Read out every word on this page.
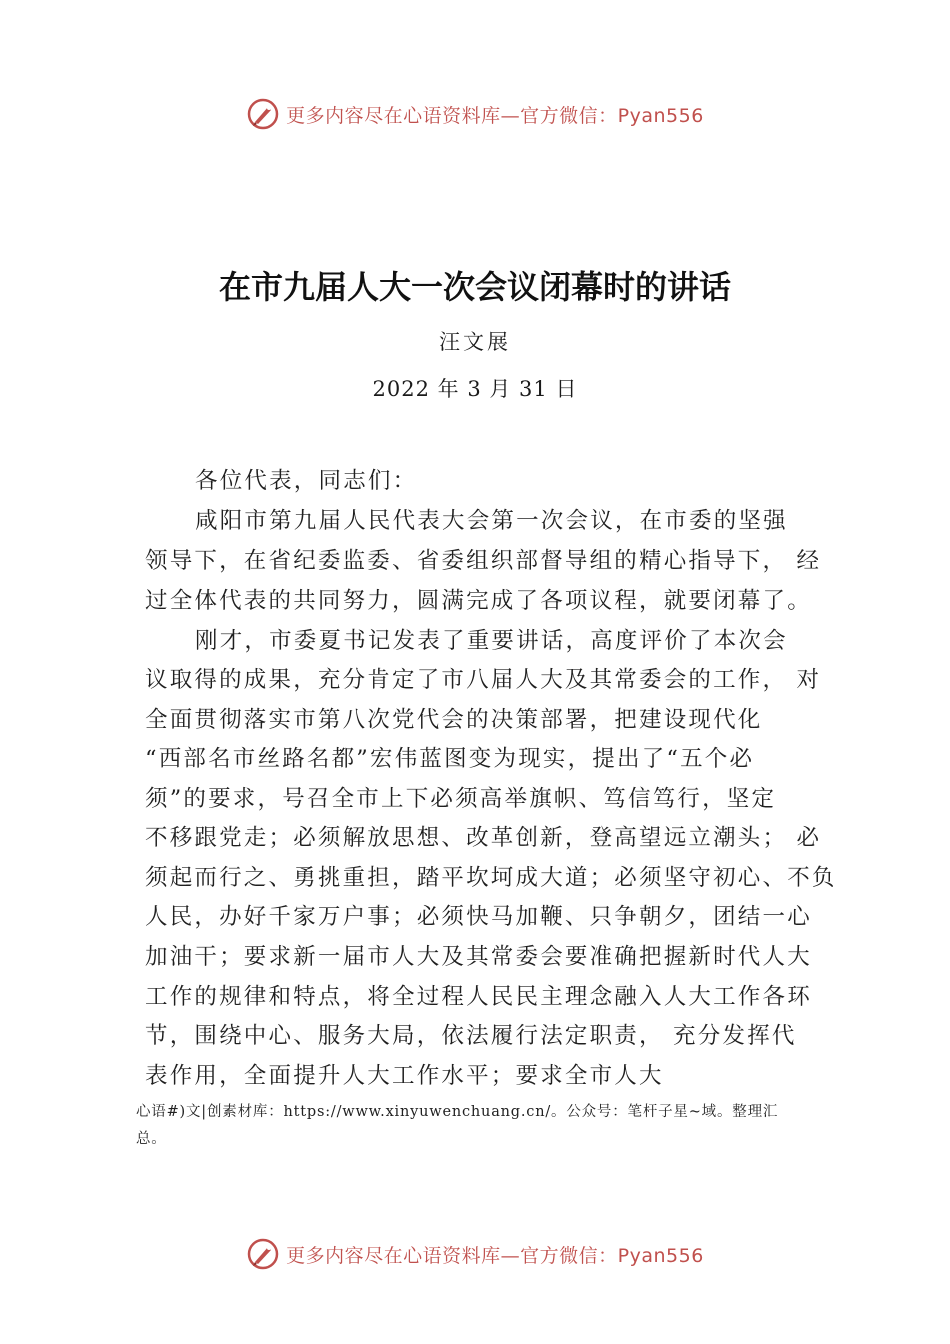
更多内容尽在心语资料库—官方微信：Pyan556
在市九届人大一次会议闭幕时的讲话
汪文展
2022 年 3 月 31 日
各位代表，同志们：
咸阳市第九届人民代表大会第一次会议，在市委的坚强
领导下，在省纪委监委、省委组织部督导组的精心指导下， 经
过全体代表的共同努力，圆满完成了各项议程，就要闭幕了。
刚才，市委夏书记发表了重要讲话，高度评价了本次会
议取得的成果，充分肯定了市八届人大及其常委会的工作， 对
全面贯彻落实市第八次党代会的决策部署，把建设现代化
“西部名市丝路名都”宏伟蓝图变为现实，提出了“五个必
须”的要求，号召全市上下必须高举旗帜、笃信笃行，坚定
不移跟党走；必须解放思想、改革创新，登高望远立潮头； 必
须起而行之、勇挑重担，踏平坎坷成大道；必须坚守初心、不负
人民，办好千家万户事；必须快马加鞭、只争朝夕，团结一心
加油干；要求新一届市人大及其常委会要准确把握新时代人大
工作的规律和特点，将全过程人民民主理念融入人大工作各环
节，围绕中心、服务大局，依法履行法定职责， 充分发挥代
表作用，全面提升人大工作水平；要求全市人大
心语#)文|创素材库：https://www.xinyuwenchuang.cn/。公众号：笔杆子星~域。整理汇
总。
更多内容尽在心语资料库—官方微信：Pyan556
